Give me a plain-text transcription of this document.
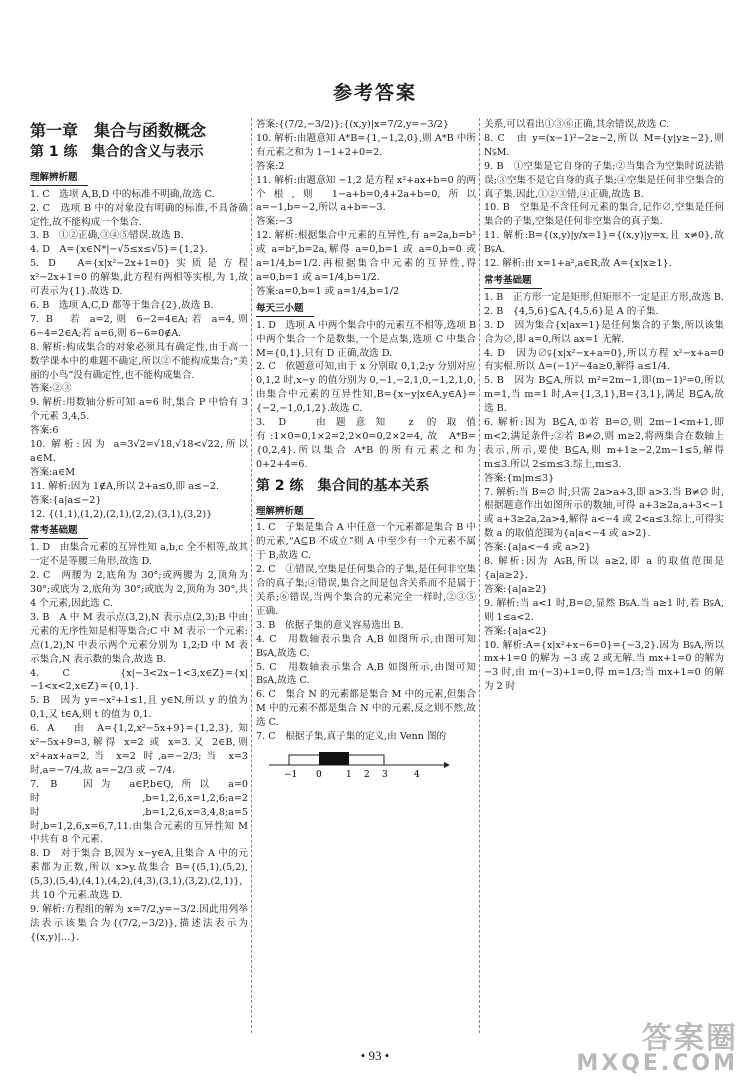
参考答案
第一章　集合与函数概念
第 1 练　集合的含义与表示
理解辨析题

1. C　选项 A,B,D 中的标准不明确,故选 C.

2. C　选项 B 中的对象没有明确的标准,不具备确定性,故不能构成一个集合.

3. B　①②正确,③④⑤错误.故选 B.

4. D　A={x∈N*|−√5≤x≤√5}={1,2}.

5. D　A={x|x²−2x+1=0}实质是方程 x²−2x+1=0 的解集,此方程有两相等实根,为 1,故可表示为{1}.故选 D.

6. B　选项 A,C,D 都等于集合{2},故选 B.

7. B　若 a=2,则 6−2=4∈A;若 a=4,则 6−4=2∈A;若 a=6,则 6−6=0∉A.

8. 解析:构成集合的对象必须具有确定性,由于高一数学课本中的难题不确定,所以②不能构成集合;“美丽的小鸟”没有确定性,也不能构成集合.

答案:②③

9. 解析:用数轴分析可知 a=6 时,集合 P 中恰有 3 个元素 3,4,5.

答案:6

10. 解析:因为 a=3√2=√18,√18<√22,所以 a∈M.

答案:a∈M

11. 解析:因为 1∉A,所以 2+a≤0,即 a≤−2.

答案:{a|a≤−2}

12. {(1,1),(1,2),(2,1),(2,2),(3,1),(3,2)}

常考基础题

1. D　由集合元素的互异性知 a,b,c 全不相等,故其一定不是等腰三角形,故选 D.

2. C　两腰为 2,底角为 30°;或两腰为 2,顶角为 30°;或底为 2,底角为 30°;或底为 2,顶角为 30°,共 4 个元素,因此选 C.

3. B　A 中 M 表示点(3,2),N 表示点(2,3);B 中由元素的无序性知是相等集合;C 中 M 表示一个元素:点(1,2),N 中表示两个元素分别为 1,2;D 中 M 表示集合,N 表示数的集合,故选 B.

4. C　{x|−3<2x−1<3,x∈Z}={x|−1<x<2,x∈Z}={0,1}.

5. B　因为 y=−x²+1≤1,且 y∈N,所以 y 的值为 0,1,又 t∈A,则 t 的值为 0,1.

6. A　由 A={1,2,x²−5x+9}={1,2,3},知 x²−5x+9=3,解得 x=2 或 x=3.又 2∈B,则 x²+ax+a=2,当 x=2 时,a=−2/3;当 x=3 时,a=−7/4,故 a=−2/3 或 −7/4.

7. B　因为 a∈P,b∈Q,所以 a=0 时,b=1,2,6,x=1,2,6;a=2 时,b=1,2,6,x=3,4,8;a=5 时,b=1,2,6,x=6,7,11.由集合元素的互异性知 M 中共有 8 个元素.

8. D　对于集合 B,因为 x−y∈A,且集合 A 中的元素都为正数,所以 x>y.故集合 B={(5,1),(5,2),(5,3),(5,4),(4,1),(4,2),(4,3),(3,1),(3,2),(2,1)},共 10 个元素.故选 D.

9. 解析:方程组的解为 x=7/2,y=−3/2.因此用列举法表示该集合为{(7/2,−3/2)},描述法表示为{(x,y)|…}.

答案:{(7/2,−3/2)};{(x,y)|x=7/2,y=−3/2}

10. 解析:由题意知 A*B={1,−1,2,0},则 A*B 中所有元素之和为 1−1+2+0=2.

答案:2

11. 解析:由题意知 −1,2 是方程 x²+ax+b=0 的两个根,则 1−a+b=0,4+2a+b=0,所以 a=−1,b=−2,所以 a+b=−3.

答案:−3

12. 解析:根据集合中元素的互异性,有 a=2a,b=b² 或 a=b²,b=2a,解得 a=0,b=1 或 a=0,b=0 或 a=1/4,b=1/2.再根据集合中元素的互异性,得 a=0,b=1 或 a=1/4,b=1/2.

答案:a=0,b=1 或 a=1/4,b=1/2

每天三小题

1. D　选项 A 中两个集合中的元素互不相等,选项 B 中两个集合一个是数集,一个是点集,选项 C 中集合 M={0,1},只有 D 正确,故选 D.

2. C　依题意可知,由于 x 分别取 0,1,2;y 分别对应 0,1,2 时,x−y 的值分别为 0,−1,−2,1,0,−1,2,1,0,由集合中元素的互异性知,B={x−y|x∈A,y∈A}={−2,−1,0,1,2}.故选 C.

3. D　由题意知 z 的取值有:1×0=0,1×2=2,2×0=0,2×2=4,故 A*B={0,2,4}.所以集合 A*B 的所有元素之和为 0+2+4=6.

第 2 练　集合间的基本关系
理解辨析题

1. C　子集是集合 A 中任意一个元素都是集合 B 中的元素,“A⊆B 不成立”则 A 中至少有一个元素不属于 B,故选 C.

2. C　①错误,空集是任何集合的子集,是任何非空集合的真子集;④错误,集合之间是包含关系而不是属于关系;⑥错误,当两个集合的元素完全一样时,②③⑤正确.

3. B　依据子集的意义容易选出 B.

4. C　用数轴表示集合 A,B 如图所示,由图可知 B⫋A,故选 C.

5. C　用数轴表示集合 A,B 如图所示,由图可知 B⫋A,故选 C.

6. C　集合 N 的元素都是集合 M 中的元素,但集合 M 中的元素不都是集合 N 中的元素,反之则不然,故选 C.

7. C　根据子集,真子集的定义,由 Venn 图的

−1 0	1 2 3	4

关系,可以看出①③⑥正确,其余错误,故选 C.

8. C　由 y=(x−1)²−2≥−2,所以 M={y|y≥−2},则 N⫋M.

9. B　①空集是它自身的子集;②当集合为空集时说法错误;③空集不是它自身的真子集;④空集是任何非空集合的真子集.因此,①②③错,④正确,故选 B.

10. B　空集是不含任何元素的集合,记作∅,空集是任何集合的子集,空集是任何非空集合的真子集.

11. 解析:B={(x,y)|y/x=1}={(x,y)|y=x,且 x≠0},故 B⫋A.

12. 解析:由 x=1+a²,a∈R,故 A={x|x≥1}.

常考基础题

1. B　正方形一定是矩形,但矩形不一定是正方形,故选 B.

2. B　{4,5,6}⊆A,{4,5,6}是 A 的子集.

3. D　因为集合{x|ax=1}是任何集合的子集,所以该集合为∅,即 a=0,所以 ax=1 无解.

4. D　因为∅⫋{x|x²−x+a=0},所以方程 x²−x+a=0 有实根.所以 Δ=(−1)²−4a≥0,解得 a≤1/4.

5. B　因为 B⊆A,所以 m²=2m−1,即(m−1)²=0,所以 m=1,当 m=1 时,A={1,3,1},B={3,1},满足 B⊆A,故选 B.

6. 解析:因为 B⊆A,①若 B=∅,则 2m−1<m+1,即 m<2,满足条件;②若 B≠∅,则 m≥2,将两集合在数轴上表示,所示,要使 B⊆A,则 m+1≥−2,2m−1≤5,解得 m≤3.所以 2≤m≤3.综上,m≤3.

答案:{m|m≤3}

7. 解析:当 B=∅ 时,只需 2a>a+3,即 a>3.当 B≠∅ 时,根据题意作出如图所示的数轴,可得 a+3≥2a,a+3<−1 或 a+3≥2a,2a>4,解得 a<−4 或 2<a≤3.综上,可得实数 a 的取值范围为{a|a<−4 或 a>2}.

答案:{a|a<−4 或 a>2}

8. 解析:因为 A⫋B,所以 a≥2,即 a 的取值范围是{a|a≥2}.

答案:{a|a≥2}

9. 解析:当 a<1 时,B=∅,显然 B⫋A.当 a≥1 时,若 B⫋A,则 1≤a<2.

答案:{a|a<2}

10. 解析:A={x|x²+x−6=0}={−3,2}.因为 B⫋A,所以 mx+1=0 的解为 −3 或 2 或无解.当 mx+1=0 的解为 −3 时,由 m·(−3)+1=0,得 m=1/3;当 mx+1=0 的解为 2 时

• 93 •	答案圈
MXQE.COM
